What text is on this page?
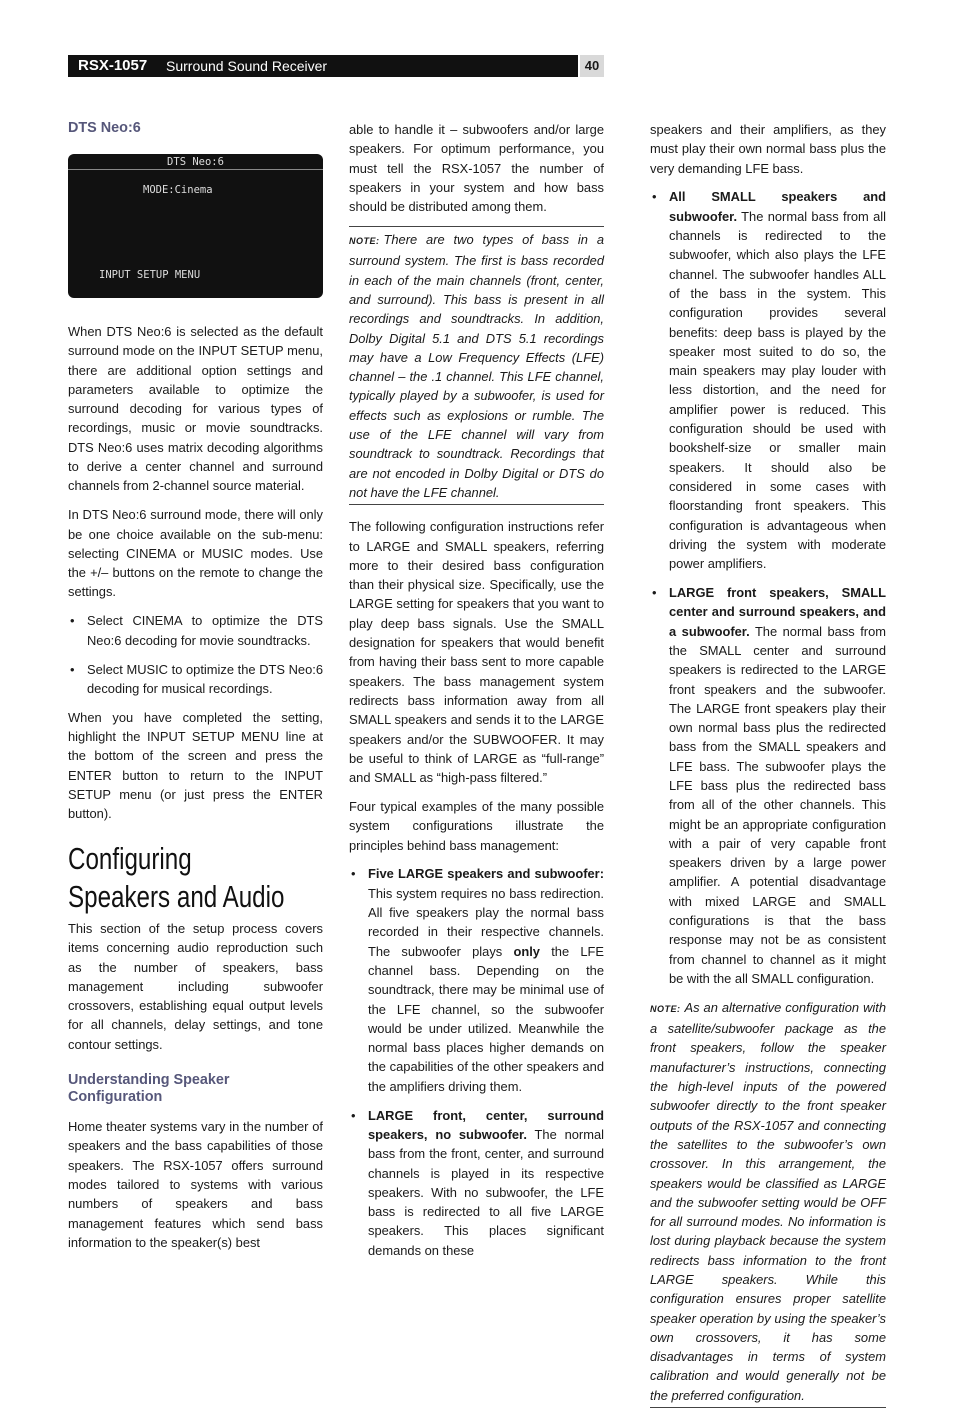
RSX-1057 Surround Sound Receiver	40
DTS Neo:6
DTS Neo:6
MODE:Cinema
INPUT SETUP MENU

When DTS Neo:6 is selected as the default surround mode on the INPUT SETUP menu, there are additional option settings and parameters available to optimize the surround decoding for various types of recordings, music or movie soundtracks. DTS Neo:6 uses matrix decoding algorithms to derive a center channel and surround channels from 2-channel source material.

In DTS Neo:6 surround mode, there will only be one choice available on the sub-menu: selecting CINEMA or MUSIC modes. Use the +/– buttons on the remote to change the settings.

• Select CINEMA to optimize the DTS Neo:6 decoding for movie soundtracks.
• Select MUSIC to optimize the DTS Neo:6 decoding for musical recordings.

When you have completed the setting, highlight the INPUT SETUP MENU line at the bottom of the screen and press the ENTER button to return to the INPUT SETUP menu (or just press the ENTER button).

Configuring
Speakers and Audio

This section of the setup process covers items concerning audio reproduction such as the number of speakers, bass management including subwoofer crossovers, establishing equal output levels for all channels, delay settings, and tone contour settings.

Understanding Speaker Configuration

Home theater systems vary in the number of speakers and the bass capabilities of those speakers. The RSX-1057 offers surround modes tailored to systems with various numbers of speakers and bass management features which send bass information to the speaker(s) best

able to handle it – subwoofers and/or large speakers. For optimum performance, you must tell the RSX-1057 the number of speakers in your system and how bass should be distributed among them.

NOTE: There are two types of bass in a surround system. The first is bass recorded in each of the main channels (front, center, and surround). This bass is present in all recordings and soundtracks. In addition, Dolby Digital 5.1 and DTS 5.1 recordings may have a Low Frequency Effects (LFE) channel – the .1 channel. This LFE channel, typically played by a subwoofer, is used for effects such as explosions or rumble. The use of the LFE channel will vary from soundtrack to soundtrack. Recordings that are not encoded in Dolby Digital or DTS do not have the LFE channel.

The following configuration instructions refer to LARGE and SMALL speakers, referring more to their desired bass configuration than their physical size. Specifically, use the LARGE setting for speakers that you want to play deep bass signals. Use the SMALL designation for speakers that would benefit from having their bass sent to more capable speakers. The bass management system redirects bass information away from all SMALL speakers and sends it to the LARGE speakers and/or the SUBWOOFER. It may be useful to think of LARGE as “full-range” and SMALL as “high-pass filtered.”

Four typical examples of the many possible system configurations illustrate the principles behind bass management:

• Five LARGE speakers and subwoofer: This system requires no bass redirection. All five speakers play the normal bass recorded in their respective channels. The subwoofer plays only the LFE channel bass. Depending on the soundtrack, there may be minimal use of the LFE channel, so the subwoofer would be under utilized. Meanwhile the normal bass places higher demands on the capabilities of the other speakers and the amplifiers driving them.
• LARGE front, center, surround speakers, no subwoofer. The normal bass from the front, center, and surround channels is played in its respective speakers. With no subwoofer, the LFE bass is redirected to all five LARGE speakers. This places significant demands on these

speakers and their amplifiers, as they must play their own normal bass plus the very demanding LFE bass.

• All SMALL speakers and subwoofer. The normal bass from all channels is redirected to the subwoofer, which also plays the LFE channel. The subwoofer handles ALL of the bass in the system. This configuration provides several benefits: deep bass is played by the speaker most suited to do so, the main speakers may play louder with less distortion, and the need for amplifier power is reduced. This configuration should be used with bookshelf-size or smaller main speakers. It should also be considered in some cases with floorstanding front speakers. This configuration is advantageous when driving the system with moderate power amplifiers.
• LARGE front speakers, SMALL center and surround speakers, and a subwoofer. The normal bass from the SMALL center and surround speakers is redirected to the LARGE front speakers and the subwoofer. The LARGE front speakers play their own normal bass plus the redirected bass from the SMALL speakers and LFE bass. The subwoofer plays the LFE bass plus the redirected bass from all of the other channels. This might be an appropriate configuration with a pair of very capable front speakers driven by a large power amplifier. A potential disadvantage with mixed LARGE and SMALL configurations is that the bass response may not be as consistent from channel to channel as it might be with the all SMALL configuration.
NOTE: As an alternative configuration with a satellite/subwoofer package as the front speakers, follow the speaker manufacturer’s instructions, connecting the high-level inputs of the powered subwoofer directly to the front speaker outputs of the RSX-1057 and connecting the satellites to the subwoofer’s own crossover. In this arrangement, the speakers would be classified as LARGE and the subwoofer setting would be OFF for all surround modes. No information is lost during playback because the system redirects bass information to the front LARGE speakers. While this configuration ensures proper satellite speaker operation by using the speaker’s own crossovers, it has some disadvantages in terms of system calibration and would generally not be the preferred configuration.
